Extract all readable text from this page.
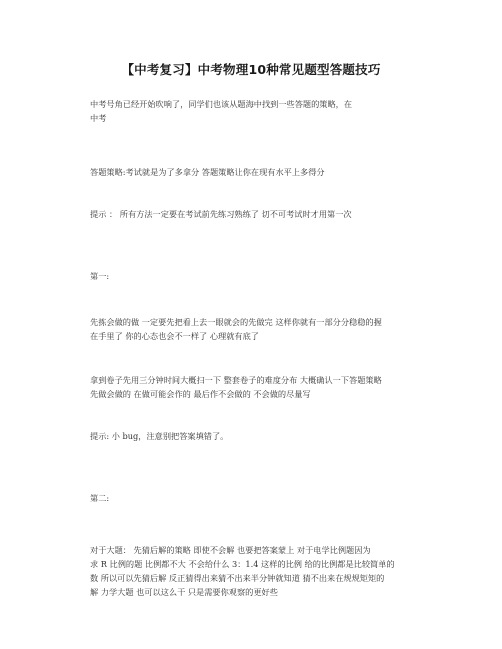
【中考复习】中考物理10种常见题型答题技巧
中考号角已经开始吹响了，同学们也该从题海中找到一些答题的策略，在
中考
答题策略:考试就是为了多拿分 答题策略让你在现有水平上多得分
提示 ： 所有方法一定要在考试前先练习熟练了 切不可考试时才用第一次
第一:
先拣会做的做 一定要先把看上去一眼就会的先做完 这样你就有一部分分稳稳的握
在手里了 你的心态也会不一样了 心理就有底了
拿到卷子先用三分钟时间大概扫一下 整套卷子的难度分布 大概确认一下答题策略
先做会做的 在做可能会作的 最后作不会做的 不会做的尽量写
提示: 小 bug，注意别把答案填错了。
第二:
对于大题： 先猜后解的策略 即使不会解 也要把答案蒙上 对于电学比例题因为
求 R 比例的题 比例都不大 不会给什么 3：1.4 这样的比例 给的比例都是比较简单的
数 所以可以先猜后解 反正猜得出来猜不出来半分钟就知道 猜不出来在规规矩矩的
解 力学大题 也可以这么干 只是需要你观察的更好些
